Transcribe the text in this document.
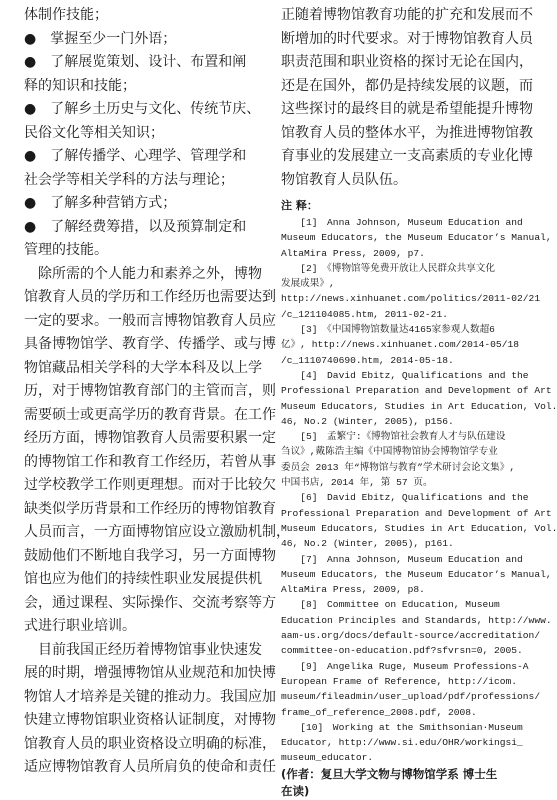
体制作技能；
●　掌握至少一门外语；
●　了解展览策划、设计、布置和阐
释的知识和技能；
●　了解乡土历史与文化、传统节庆、
民俗文化等相关知识；
●　了解传播学、心理学、管理学和
社会学等相关学科的方法与理论；
●　了解多种营销方式；
●　了解经费筹措，以及预算制定和
管理的技能。
　除所需的个人能力和素养之外，博物
馆教育人员的学历和工作经历也需要达到
一定的要求。一般而言博物馆教育人员应
具备博物馆学、教育学、传播学、或与博
物馆藏品相关学科的大学本科及以上学
历，对于博物馆教育部门的主管而言，则
需要硕士或更高学历的教育背景。在工作
经历方面，博物馆教育人员需要积累一定
的博物馆工作和教育工作经历，若曾从事
过学校教学工作则更理想。而对于比较欠
缺类似学历背景和工作经历的博物馆教育
人员而言，一方面博物馆应设立激励机制，
鼓励他们不断地自我学习，另一方面博物
馆也应为他们的持续性职业发展提供机
会，通过课程、实际操作、交流考察等方
式进行职业培训。
　目前我国正经历着博物馆事业快速发
展的时期，增强博物馆从业规范和加快博
物馆人才培养是关键的推动力。我国应加
快建立博物馆职业资格认证制度，对博物
馆教育人员的职业资格设立明确的标准，
适应博物馆教育人员所肩负的使命和责任
正随着博物馆教育功能的扩充和发展而不
断增加的时代要求。对于博物馆教育人员
职责范围和职业资格的探讨无论在国内，
还是在国外，都仍是持续发展的议题，而
这些探讨的最终目的就是希望能提升博物
馆教育人员的整体水平，为推进博物馆教
育事业的发展建立一支高素质的专业化博
物馆教育人员队伍。
注 释：
　　[1]　Anna Johnson, Museum Education and
Museum Educators, the Museum Educator’s Manual,
AltaMira Press, 2009, p7.
　　[2]　《博物馆等免费开放让人民群众共享文化
发展成果》,
http://news.xinhuanet.com/politics/2011-02/21
/c_121104085.htm, 2011-02-21.
　　[3]　《中国博物馆数量达4165家参观人数超6
亿》, http://news.xinhuanet.com/2014-05/18
/c_1110740690.htm, 2014-05-18.
　　[4]　David Ebitz, Qualifications and the
Professional Preparation and Development of Art
Museum Educators, Studies in Art Education, Vol.
46, No.2 (Winter, 2005), p156.
　　[5]　孟繁宁:《博物馆社会教育人才与队伍建设
刍议》,戴陈浩主编《中国博物馆协会博物馆学专业
委员会 2013 年“博物馆与教育”学术研讨会论文集》,
中国书店, 2014 年, 第 57 页。
　　[6]　David Ebitz, Qualifications and the
Professional Preparation and Development of Art
Museum Educators, Studies in Art Education, Vol.
46, No.2 (Winter, 2005), p161.
　　[7]　Anna Johnson, Museum Education and
Museum Educators, the Museum Educator’s Manual,
AltaMira Press, 2009, p8.
　　[8]　Committee on Education, Museum
Education Principles and Standards, http://www.
aam-us.org/docs/default-source/accreditation/
committee-on-education.pdf?sfvrsn=0, 2005.
　　[9]　Angelika Ruge, Museum Professions-A
European Frame of Reference, http://icom.
museum/fileadmin/user_upload/pdf/professions/
frame_of_reference_2008.pdf, 2008.
　　[10]　Working at the Smithsonian·Museum
Educator, http://www.si.edu/OHR/workingsi_
museum_educator.
(作者：复旦大学文物与博物馆学系 博士生
在读)
